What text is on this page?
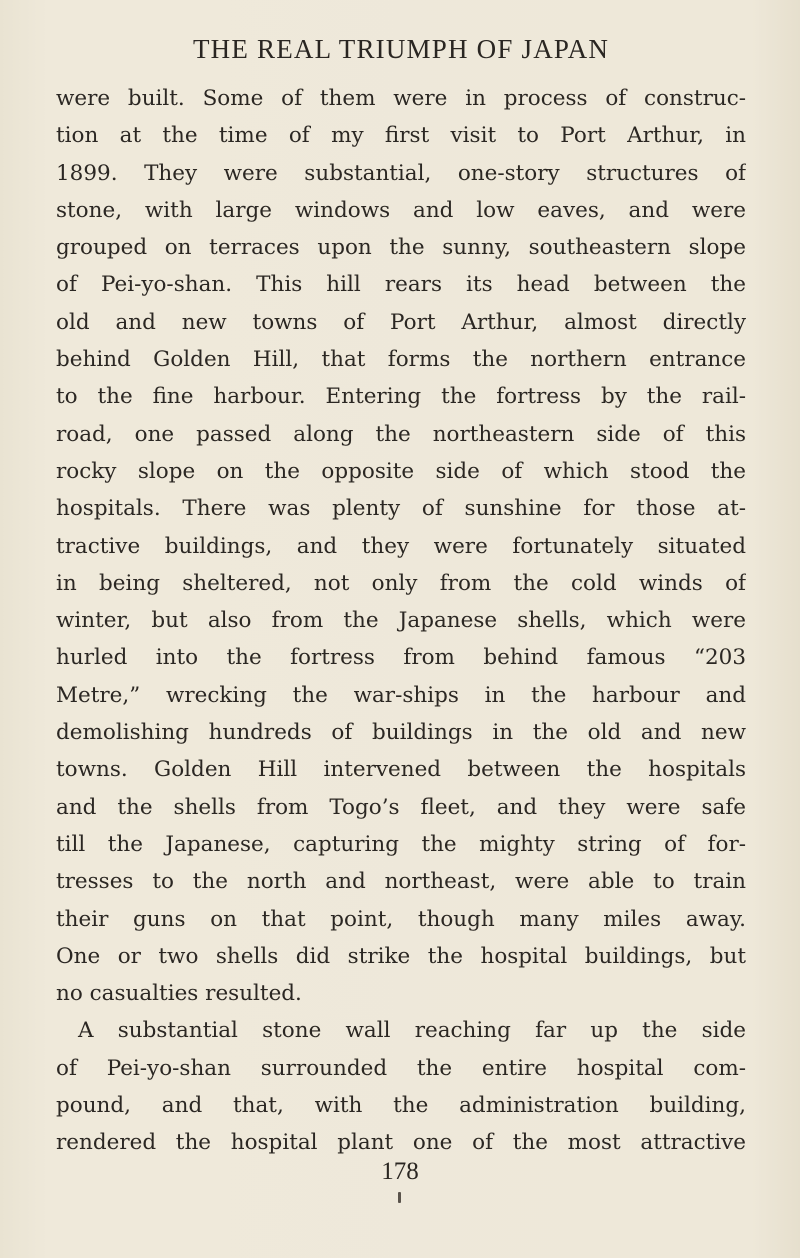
THE REAL TRIUMPH OF JAPAN
were built. Some of them were in process of construc-
tion at the time of my first visit to Port Arthur, in
1899. They were substantial, one-story structures of
stone, with large windows and low eaves, and were
grouped on terraces upon the sunny, southeastern slope
of Pei-yo-shan. This hill rears its head between the
old and new towns of Port Arthur, almost directly
behind Golden Hill, that forms the northern entrance
to the fine harbour. Entering the fortress by the rail-
road, one passed along the northeastern side of this
rocky slope on the opposite side of which stood the
hospitals. There was plenty of sunshine for those at-
tractive buildings, and they were fortunately situated
in being sheltered, not only from the cold winds of
winter, but also from the Japanese shells, which were
hurled into the fortress from behind famous “203
Metre,” wrecking the war-ships in the harbour and
demolishing hundreds of buildings in the old and new
towns. Golden Hill intervened between the hospitals
and the shells from Togo’s fleet, and they were safe
till the Japanese, capturing the mighty string of for-
tresses to the north and northeast, were able to train
their guns on that point, though many miles away.
One or two shells did strike the hospital buildings, but
no casualties resulted.
A substantial stone wall reaching far up the side
of Pei-yo-shan surrounded the entire hospital com-
pound, and that, with the administration building,
rendered the hospital plant one of the most attractive
178
